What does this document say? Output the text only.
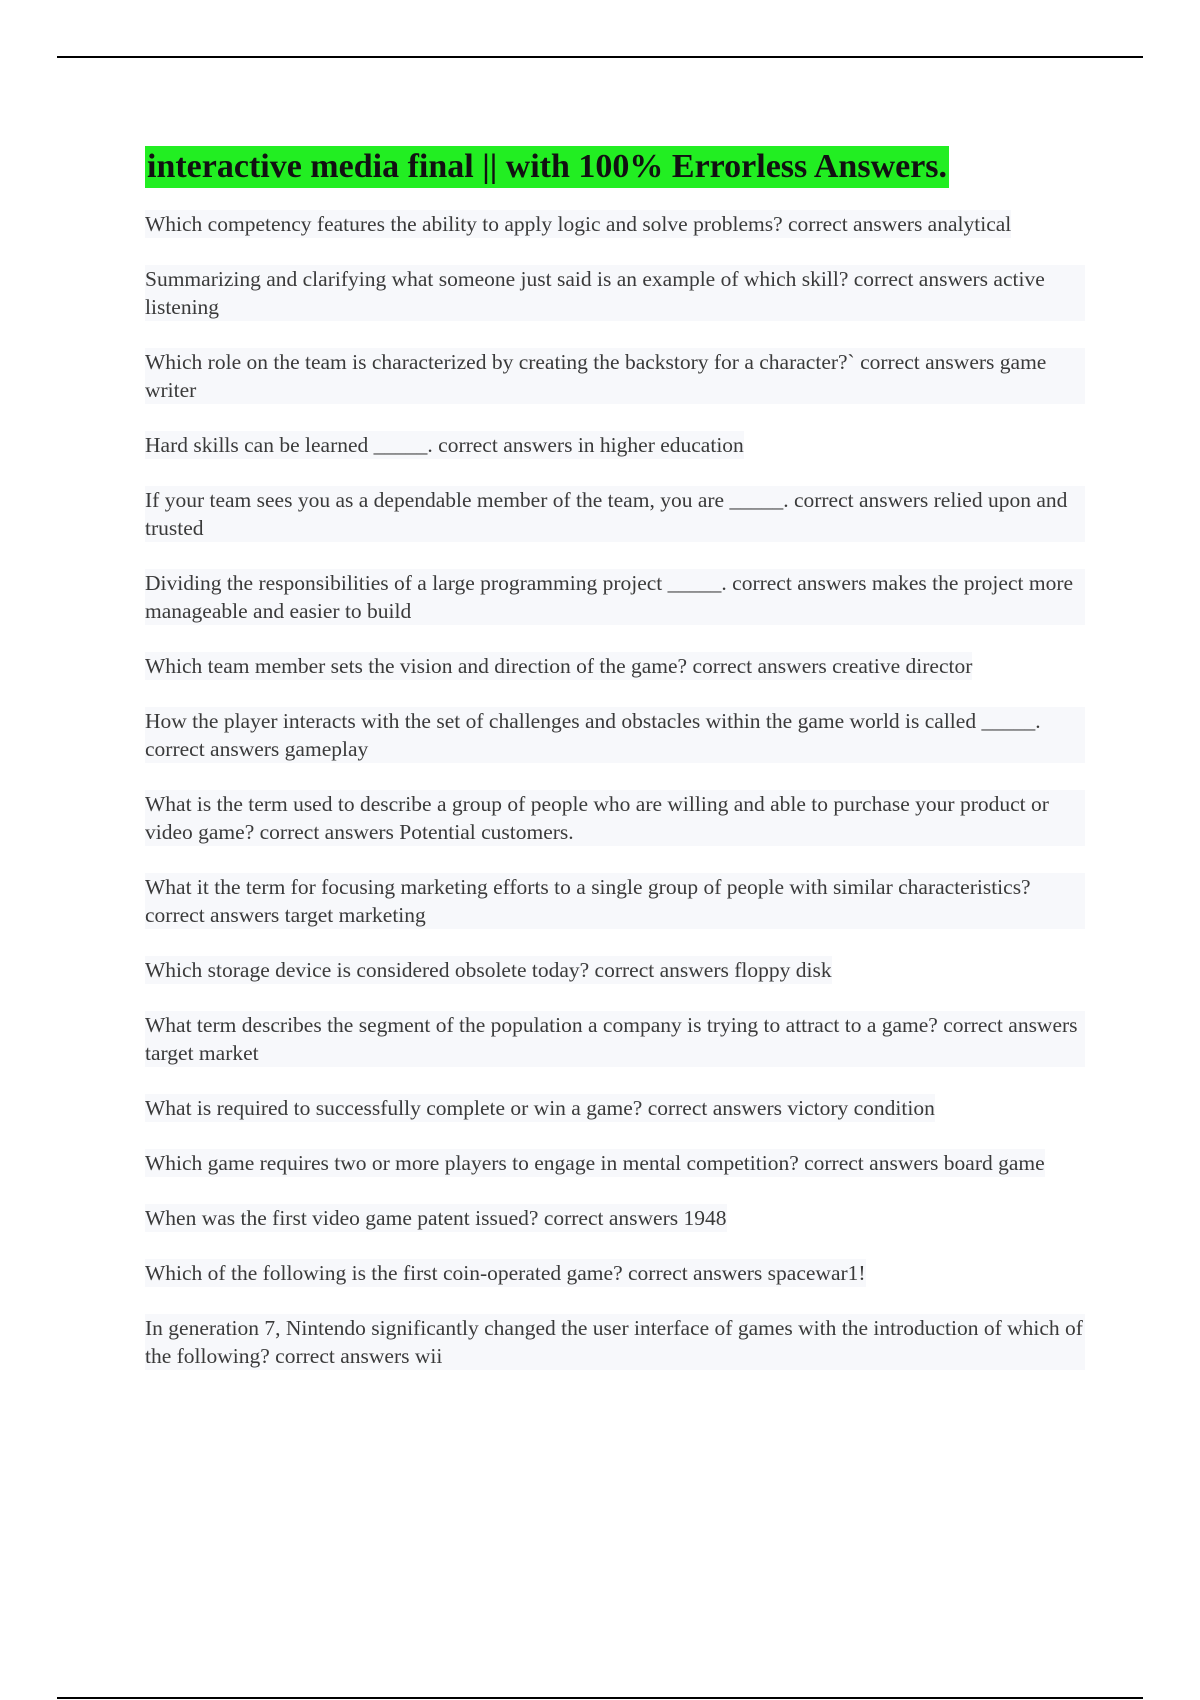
interactive media final || with 100% Errorless Answers.
Which competency features the ability to apply logic and solve problems? correct answers analytical
Summarizing and clarifying what someone just said is an example of which skill? correct answers active listening
Which role on the team is characterized by creating the backstory for a character?` correct answers game writer
Hard skills can be learned _____. correct answers in higher education
If your team sees you as a dependable member of the team, you are _____. correct answers relied upon and trusted
Dividing the responsibilities of a large programming project _____. correct answers makes the project more manageable and easier to build
Which team member sets the vision and direction of the game? correct answers creative director
How the player interacts with the set of challenges and obstacles within the game world is called _____. correct answers gameplay
What is the term used to describe a group of people who are willing and able to purchase your product or video game? correct answers Potential customers.
What it the term for focusing marketing efforts to a single group of people with similar characteristics? correct answers target marketing
Which storage device is considered obsolete today? correct answers floppy disk
What term describes the segment of the population a company is trying to attract to a game? correct answers target market
What is required to successfully complete or win a game? correct answers victory condition
Which game requires two or more players to engage in mental competition? correct answers board game
When was the first video game patent issued? correct answers 1948
Which of the following is the first coin-operated game? correct answers spacewar1!
In generation 7, Nintendo significantly changed the user interface of games with the introduction of which of the following? correct answers wii
